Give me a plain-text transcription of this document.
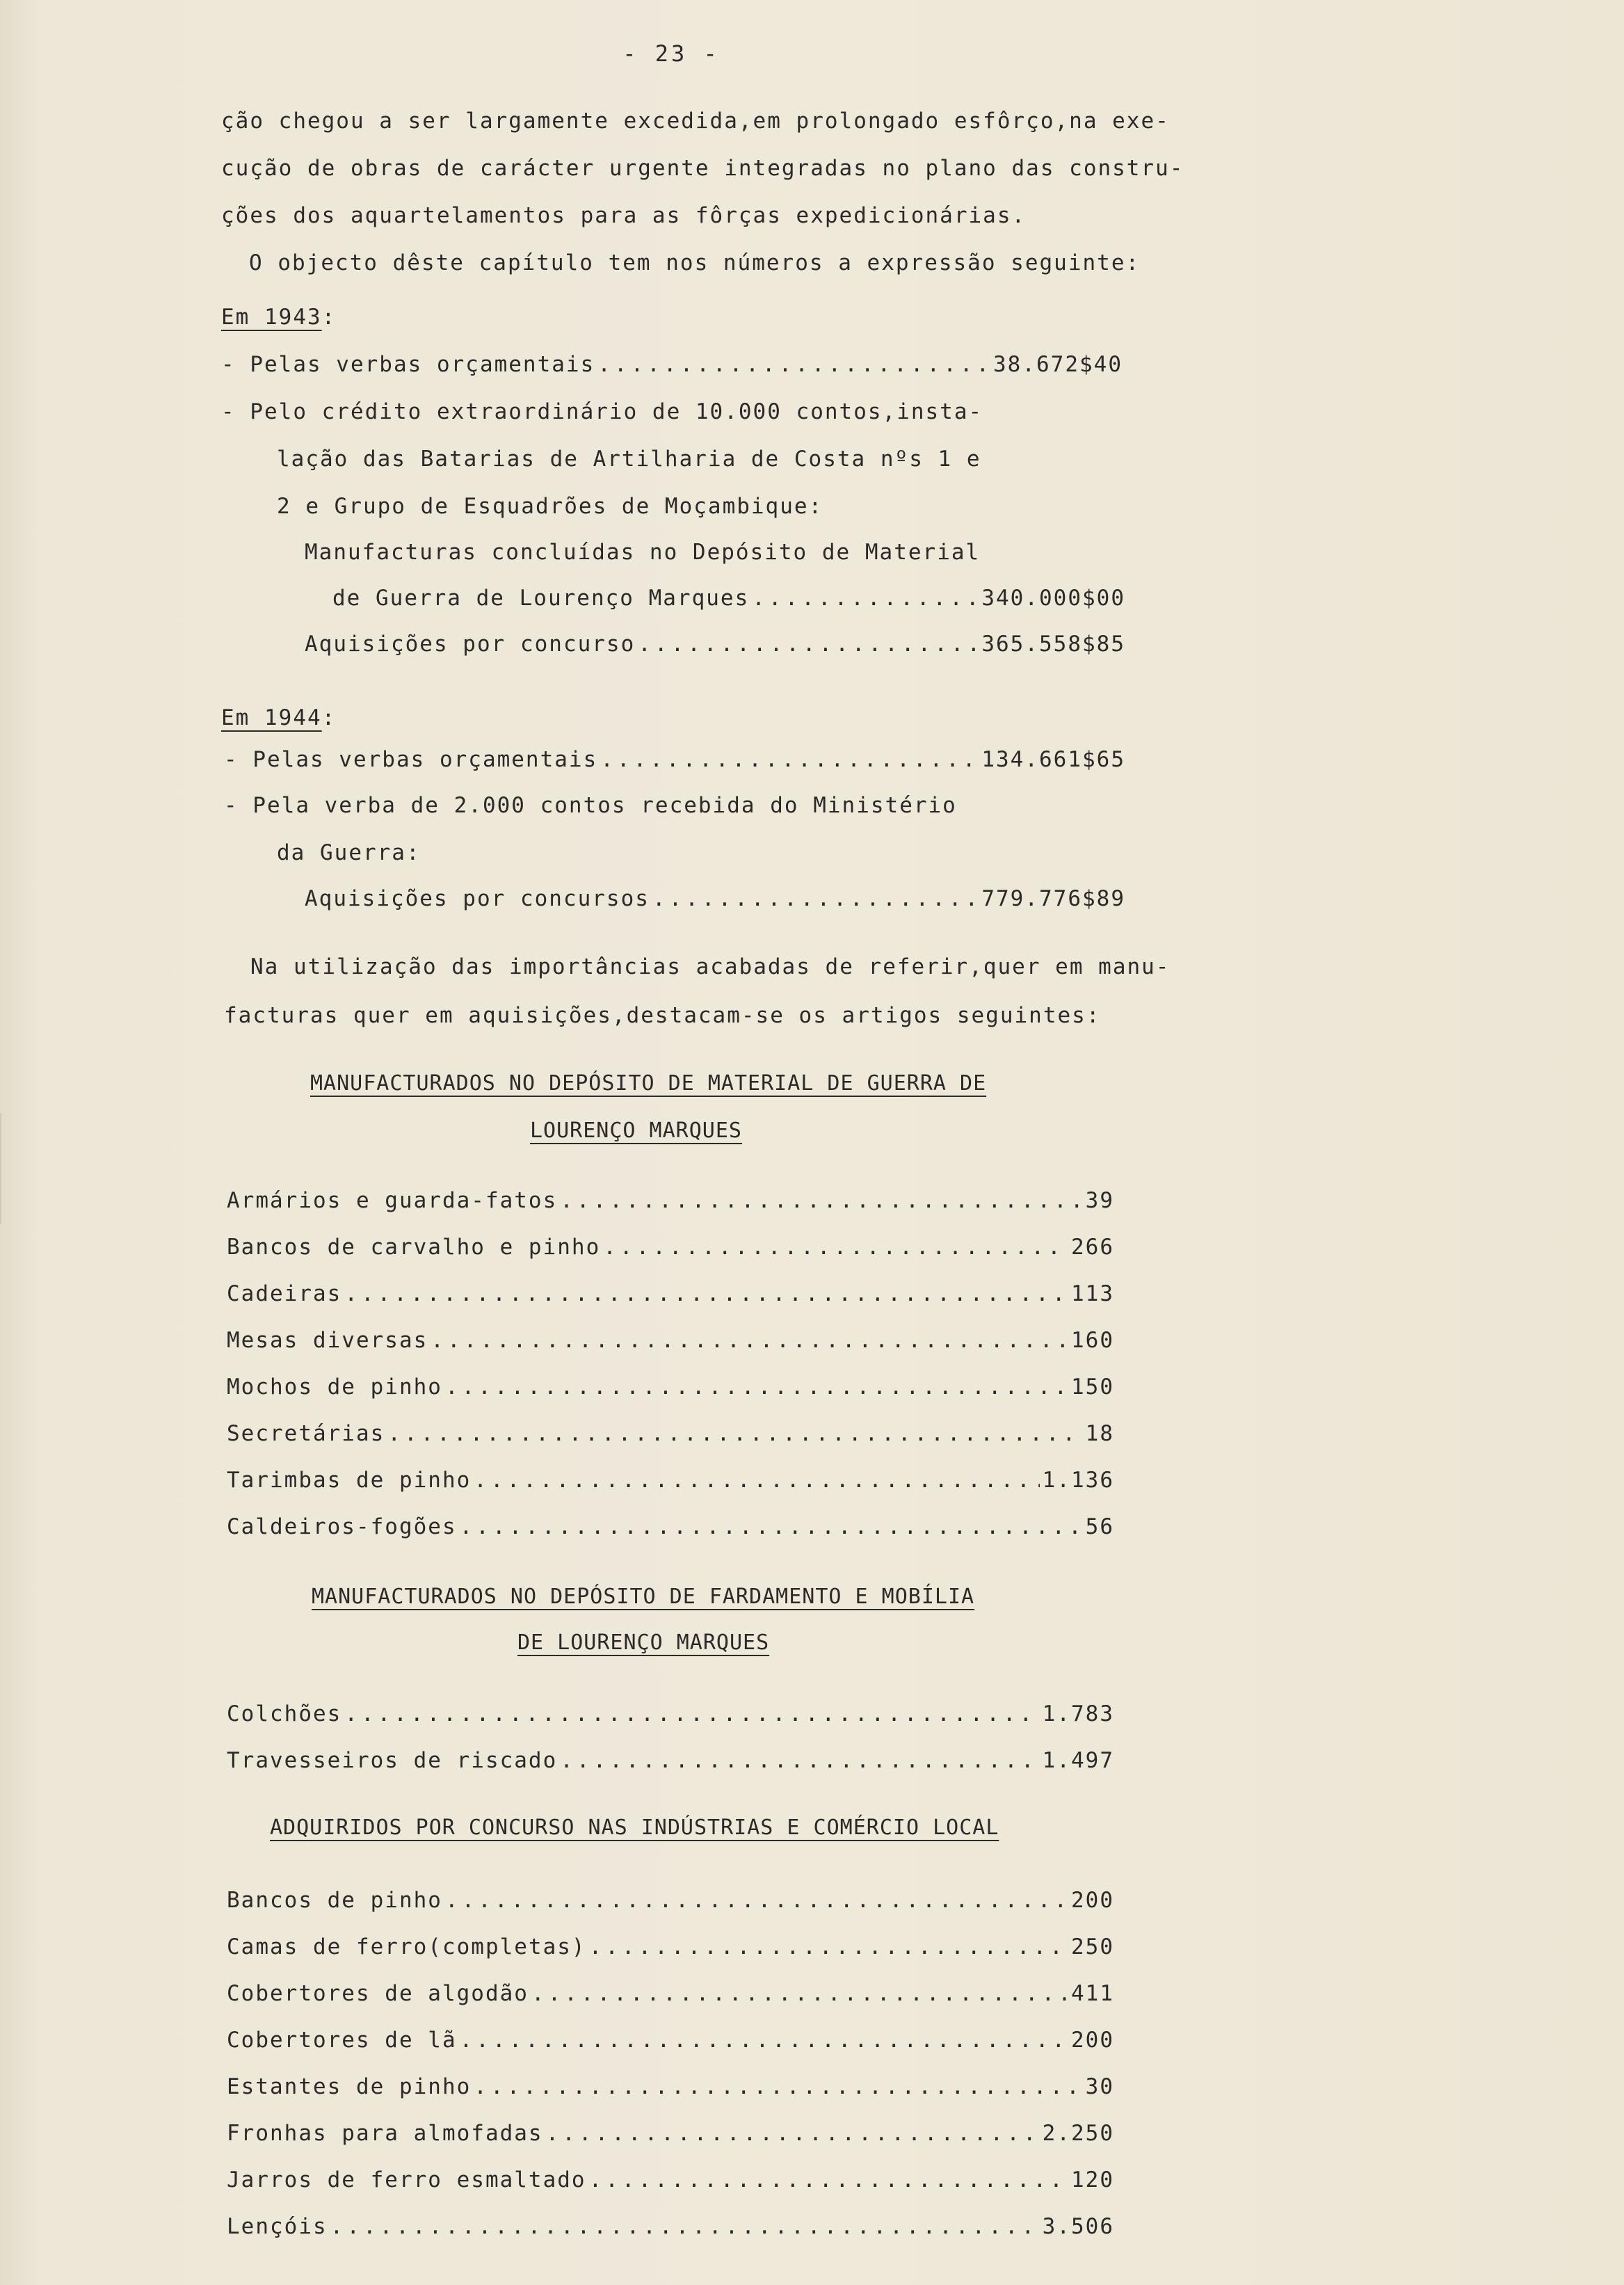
- 23 -
ção chegou a ser largamente excedida,em prolongado esfôrço,na exe-
cução de obras de carácter urgente integradas no plano das constru-
ções dos aquartelamentos para as fôrças expedicionárias.
O objecto dêste capítulo tem nos números a expressão seguinte:
Em 1943:
- Pelas verbas orçamentais .....	38.672$40
- Pelo crédito extraordinário de 10.000 contos,insta-
lação das Batarias de Artilharia de Costa nºs 1 e
2 e Grupo de Esquadrões de Moçambique:
Manufacturas concluídas no Depósito de Material
de Guerra de Lourenço Marques .....	340.000$00
Aquisições por concurso .....	365.558$85
Em 1944:
- Pelas verbas orçamentais .....	134.661$65
- Pela verba de 2.000 contos recebida do Ministério
da Guerra:
Aquisições por concursos .....	779.776$89
Na utilização das importâncias acabadas de referir,quer em manu-
facturas quer em aquisições,destacam-se os artigos seguintes:
MANUFACTURADOS NO DEPÓSITO DE MATERIAL DE GUERRA DE
LOURENÇO MARQUES
Armários e guarda-fatos .....	39
Bancos de carvalho e pinho .....	266
Cadeiras .....	113
Mesas diversas .....	160
Mochos de pinho .....	150
Secretárias .....	18
Tarimbas de pinho .....	1.136
Caldeiros-fogões .....	56
MANUFACTURADOS NO DEPÓSITO DE FARDAMENTO E MOBÍLIA
DE LOURENÇO MARQUES
Colchões .....	1.783
Travesseiros de riscado .....	1.497
ADQUIRIDOS POR CONCURSO NAS INDÚSTRIAS E COMÉRCIO LOCAL
Bancos de pinho .....	200
Camas de ferro(completas) .....	250
Cobertores de algodão .....	411
Cobertores de lã .....	200
Estantes de pinho .....	30
Fronhas para almofadas .....	2.250
Jarros de ferro esmaltado .....	120
Lençóis .....	3.506
